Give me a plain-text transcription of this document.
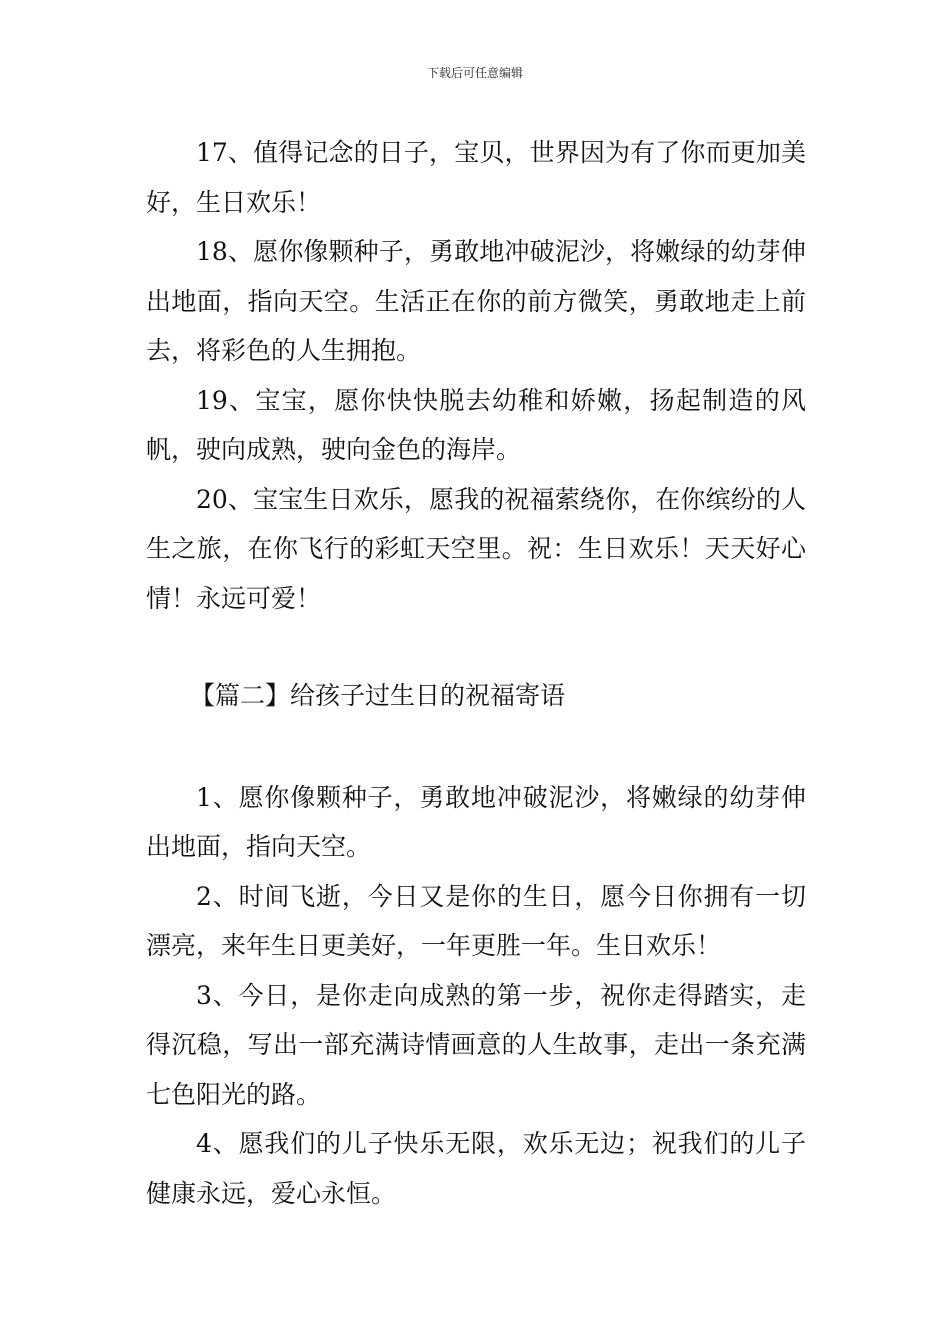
下载后可任意编辑

17、值得记念的日子，宝贝，世界因为有了你而更加美好，生日欢乐！

18、愿你像颗种子，勇敢地冲破泥沙，将嫩绿的幼芽伸出地面，指向天空。生活正在你的前方微笑，勇敢地走上前去，将彩色的人生拥抱。

19、宝宝，愿你快快脱去幼稚和娇嫩，扬起制造的风帆，驶向成熟，驶向金色的海岸。

20、宝宝生日欢乐，愿我的祝福萦绕你，在你缤纷的人生之旅，在你飞行的彩虹天空里。祝：生日欢乐！天天好心情！永远可爱！

【篇二】给孩子过生日的祝福寄语

1、愿你像颗种子，勇敢地冲破泥沙，将嫩绿的幼芽伸出地面，指向天空。

2、时间飞逝，今日又是你的生日，愿今日你拥有一切漂亮，来年生日更美好，一年更胜一年。生日欢乐！

3、今日，是你走向成熟的第一步，祝你走得踏实，走得沉稳，写出一部充满诗情画意的人生故事，走出一条充满七色阳光的路。

4、愿我们的儿子快乐无限，欢乐无边；祝我们的儿子健康永远，爱心永恒。
